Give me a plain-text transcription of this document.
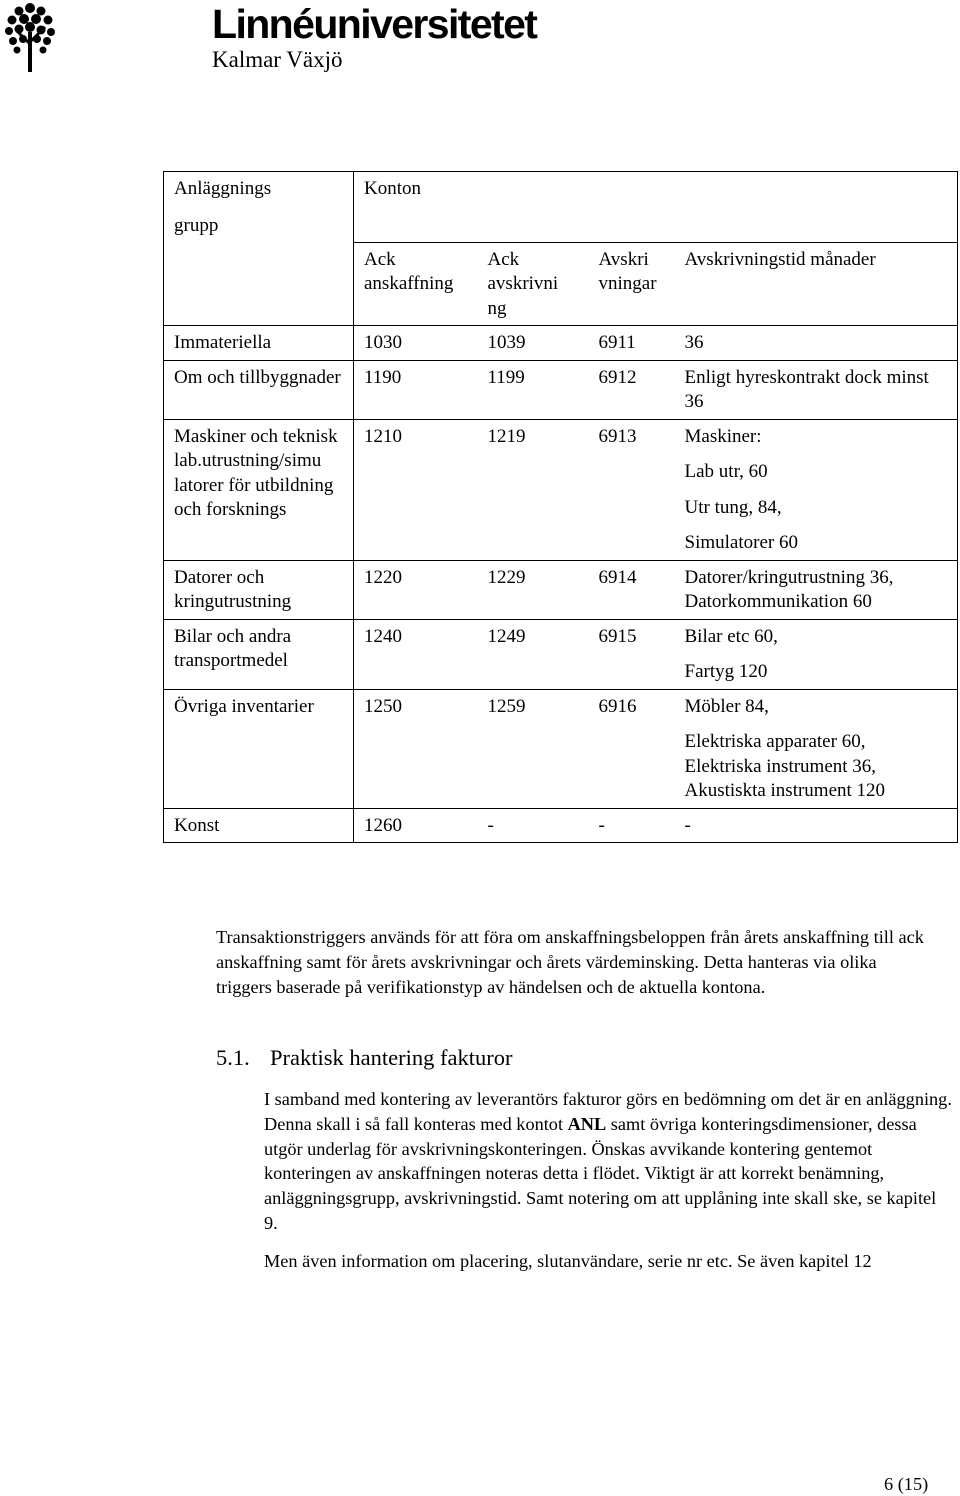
Linnéuniversitetet
Kalmar Växjö
Anläggnings

grupp	Konton			
	Ack anskaffning	Ack avskrivni ng	Avskri vningar	Avskrivningstid månader
Immateriella	1030	1039	6911	36
Om och tillbyggnader	1190	1199	6912	Enligt hyreskontrakt dock minst 36
Maskiner och teknisk lab.utrustning/simu latorer för utbildning och forsknings	1210	1219	6913	Maskiner:
Lab utr, 60
Utr tung, 84,
Simulatorer 60

Datorer och kringutrustning	1220	1229	6914	Datorer/kringutrustning 36, Datorkommunikation 60
Bilar och andra transportmedel	1240	1249	6915	Bilar etc 60,
Fartyg 120

Övriga inventarier	1250	1259	6916	Möbler 84,
Elektriska apparater 60, Elektriska instrument 36, Akustiskta instrument 120

Konst	1260	-	-	-
Transaktionstriggers används för att föra om anskaffningsbeloppen från årets anskaffning till ack anskaffning samt för årets avskrivningar och årets värdeminsking. Detta hanteras via olika triggers baserade på verifikationstyp av händelsen och de aktuella kontona.
5.1. Praktisk hantering fakturor
I samband med kontering av leverantörs fakturor görs en bedömning om det är en anläggning. Denna skall i så fall konteras med kontot ANL samt övriga konteringsdimensioner, dessa utgör underlag för avskrivningskonteringen. Önskas avvikande kontering gentemot konteringen av anskaffningen noteras detta i flödet. Viktigt är att korrekt benämning, anläggningsgrupp, avskrivningstid. Samt notering om att upplåning inte skall ske, se kapitel 9.
Men även information om placering, slutanvändare, serie nr etc. Se även kapitel 12
6 (15)
